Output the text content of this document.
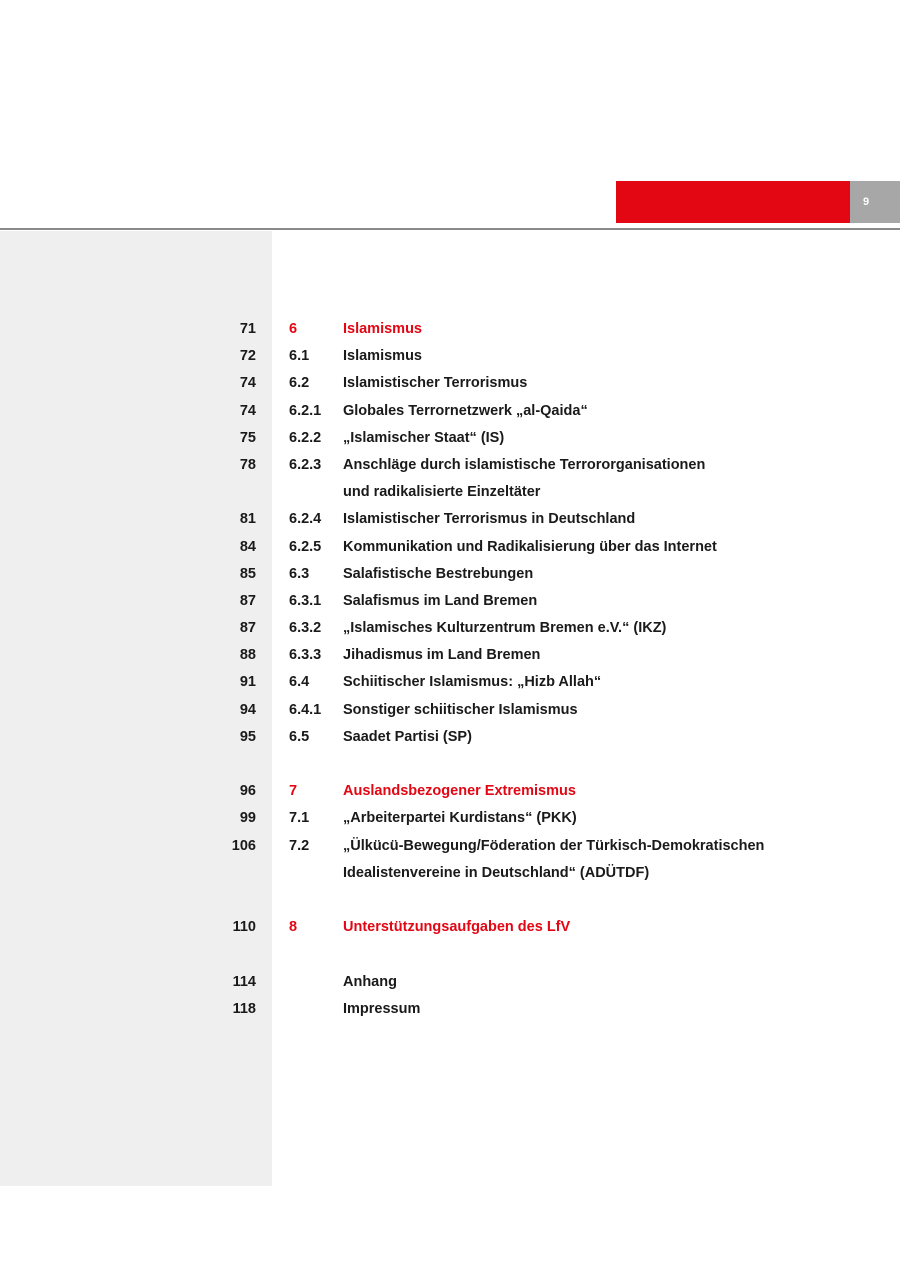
9
71 6	Islamismus
72 6.1 Islamismus
74 6.2 Islamistischer Terrorismus
74 6.2.1 Globales Terrornetzwerk „al-Qaida“
75 6.2.2 „Islamischer Staat“ (IS)
78 6.2.3 Anschläge durch islamistische Terrororganisationen
und radikalisierte Einzeltäter
81 6.2.4 Islamistischer Terrorismus in Deutschland
84 6.2.5 Kommunikation und Radikalisierung über das Internet
85 6.3 Salafistische Bestrebungen
87 6.3.1 Salafismus im Land Bremen
87 6.3.2 „Islamisches Kulturzentrum Bremen e.V.“ (IKZ)
88 6.3.3 Jihadismus im Land Bremen
91 6.4 Schiitischer Islamismus: „Hizb Allah“
94 6.4.1 Sonstiger schiitischer Islamismus
95 6.5 Saadet Partisi (SP)
96 7	Auslandsbezogener Extremismus
99 7.1 „Arbeiterpartei Kurdistans“ (PKK)
106 7.2 „Ülkücü-Bewegung/Föderation der Türkisch-Demokratischen
Idealistenvereine in Deutschland“ (ADÜTDF)
110 8	Unterstützungsaufgaben des LfV
114	Anhang
118	Impressum
